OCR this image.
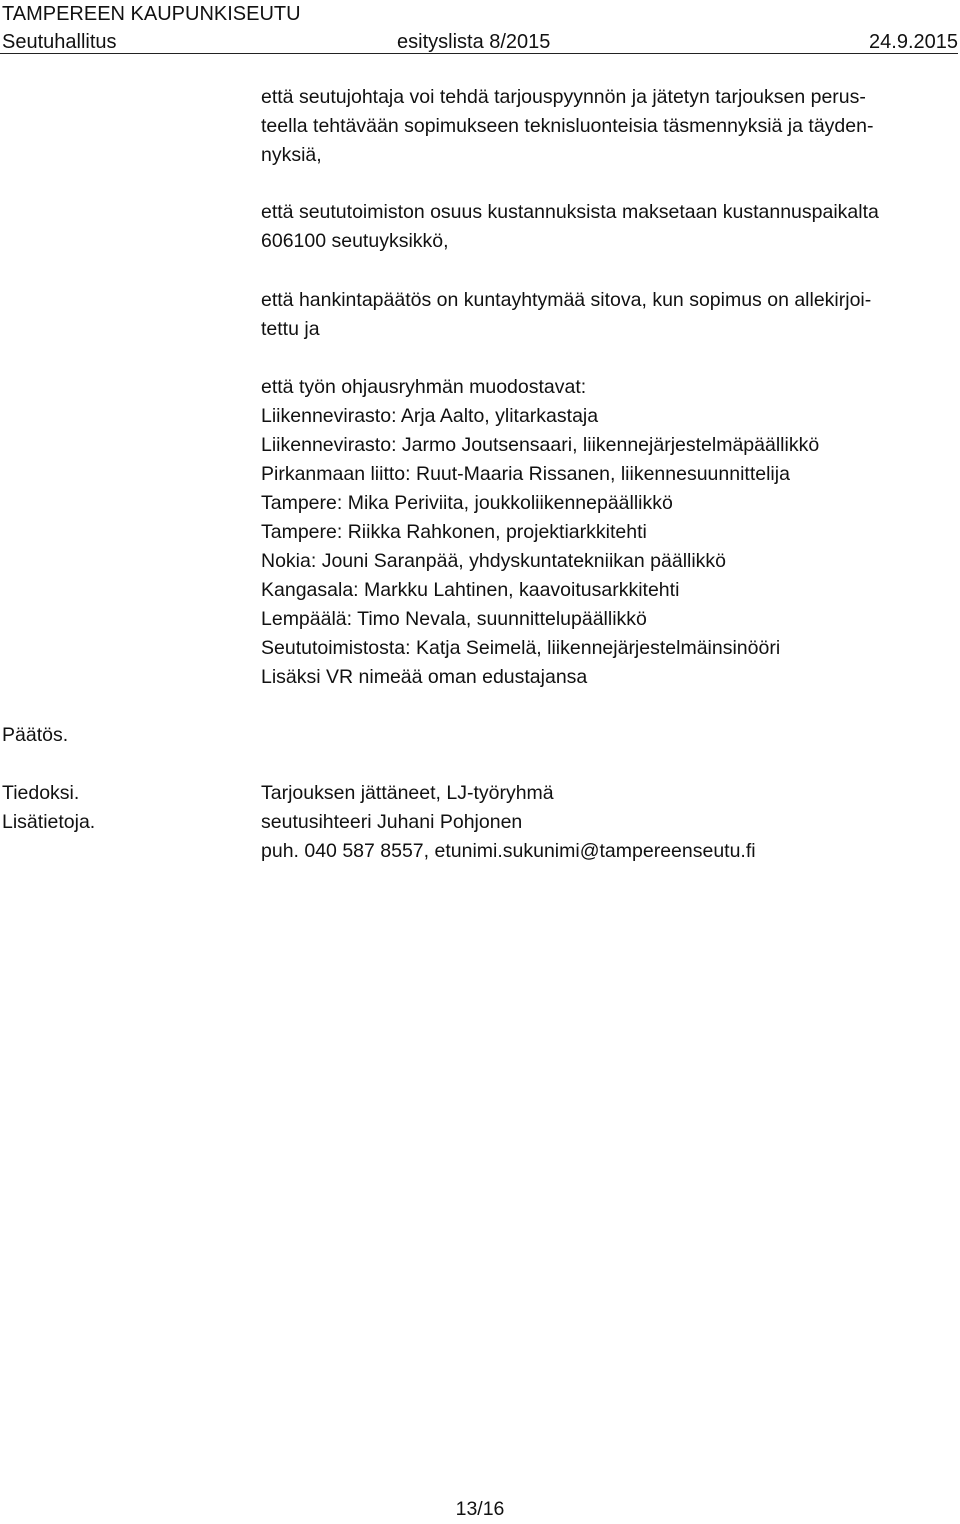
TAMPEREEN KAUPUNKISEUTU
Seutuhallitus	esityslista 8/2015	24.9.2015
että seutujohtaja voi tehdä tarjouspyynnön ja jätetyn tarjouksen perus-
teella tehtävään sopimukseen teknisluonteisia täsmennyksiä ja täyden-
nyksiä,
että seututoimiston osuus kustannuksista maksetaan kustannuspaikalta
606100 seutuyksikkö,
että hankintapäätös on kuntayhtymää sitova, kun sopimus on allekirjoi-
tettu ja
että työn ohjausryhmän muodostavat:
Liikennevirasto: Arja Aalto, ylitarkastaja
Liikennevirasto: Jarmo Joutsensaari, liikennejärjestelmäpäällikkö
Pirkanmaan liitto: Ruut-Maaria Rissanen, liikennesuunnittelija
Tampere: Mika Periviita, joukkoliikennepäällikkö
Tampere: Riikka Rahkonen, projektiarkkitehti
Nokia: Jouni Saranpää, yhdyskuntatekniikan päällikkö
Kangasala: Markku Lahtinen, kaavoitusarkkitehti
Lempäälä: Timo Nevala, suunnittelupäällikkö
Seututoimistosta: Katja Seimelä, liikennejärjestelmäinsinööri
Lisäksi VR nimeää oman edustajansa
Päätös.
Tiedoksi.
Lisätietoja.
Tarjouksen jättäneet, LJ-työryhmä
seutusihteeri Juhani Pohjonen
puh. 040 587 8557, etunimi.sukunimi@tampereenseutu.fi
13/16
